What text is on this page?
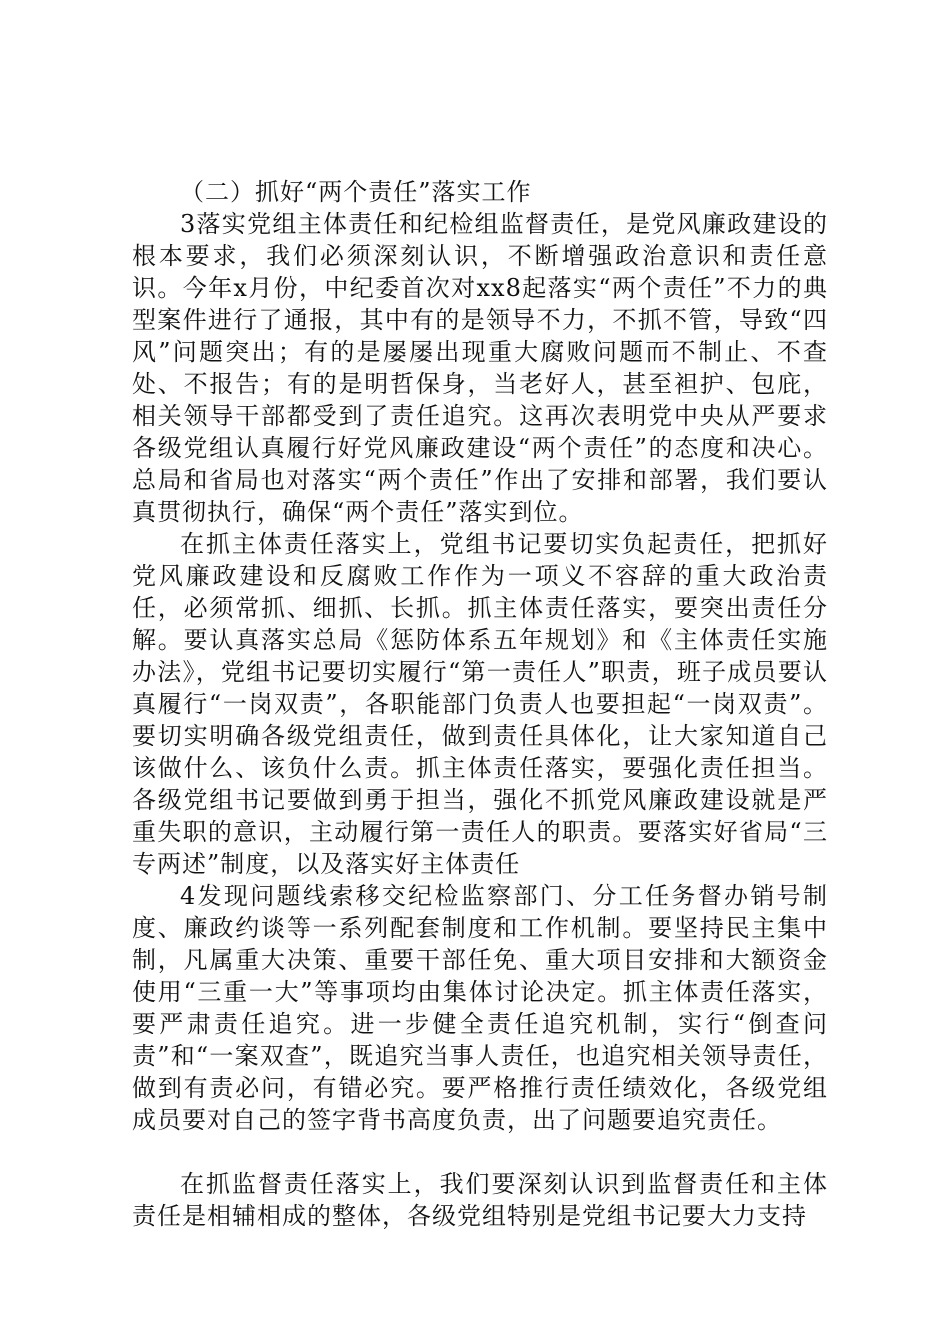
（二）抓好“两个责任”落实工作

3落实党组主体责任和纪检组监督责任，是党风廉政建设的根本要求，我们必须深刻认识，不断增强政治意识和责任意识。今年x月份，中纪委首次对xx8起落实“两个责任”不力的典型案件进行了通报，其中有的是领导不力，不抓不管，导致“四风”问题突出；有的是屡屡出现重大腐败问题而不制止、不查处、不报告；有的是明哲保身，当老好人，甚至袒护、包庇，相关领导干部都受到了责任追究。这再次表明党中央从严要求各级党组认真履行好党风廉政建设“两个责任”的态度和决心。总局和省局也对落实“两个责任”作出了安排和部署，我们要认真贯彻执行，确保“两个责任”落实到位。

在抓主体责任落实上，党组书记要切实负起责任，把抓好党风廉政建设和反腐败工作作为一项义不容辞的重大政治责任，必须常抓、细抓、长抓。抓主体责任落实，要突出责任分解。要认真落实总局《惩防体系五年规划》和《主体责任实施办法》，党组书记要切实履行“第一责任人”职责，班子成员要认真履行“一岗双责”，各职能部门负责人也要担起“一岗双责”。要切实明确各级党组责任，做到责任具体化，让大家知道自己该做什么、该负什么责。抓主体责任落实，要强化责任担当。各级党组书记要做到勇于担当，强化不抓党风廉政建设就是严重失职的意识，主动履行第一责任人的职责。要落实好省局“三专两述”制度，以及落实好主体责任

4发现问题线索移交纪检监察部门、分工任务督办销号制度、廉政约谈等一系列配套制度和工作机制。要坚持民主集中制，凡属重大决策、重要干部任免、重大项目安排和大额资金使用“三重一大”等事项均由集体讨论决定。抓主体责任落实，要严肃责任追究。进一步健全责任追究机制，实行“倒查问责”和“一案双查”，既追究当事人责任，也追究相关领导责任，做到有责必问，有错必究。要严格推行责任绩效化，各级党组成员要对自己的签字背书高度负责，出了问题要追究责任。

在抓监督责任落实上，我们要深刻认识到监督责任和主体责任是相辅相成的整体，各级党组特别是党组书记要大力支持
